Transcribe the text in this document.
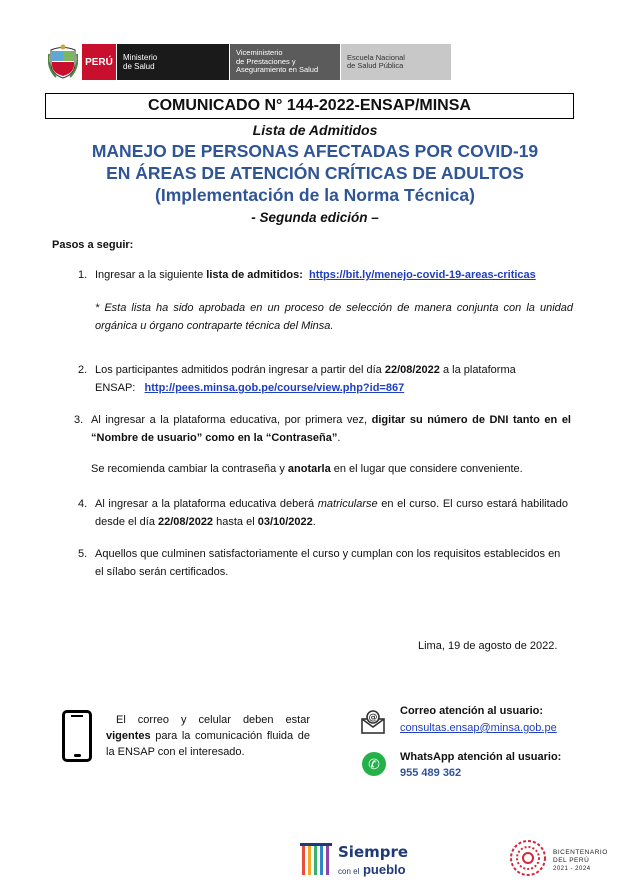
PERÚ	Ministerio
de Salud
Viceministerio
de Prestaciones y
Aseguramiento en Salud
Escuela Nacional
de Salud Pública
COMUNICADO N° 144-2022-ENSAP/MINSA
Lista de Admitidos
MANEJO DE PERSONAS AFECTADAS POR COVID-19
EN ÁREAS DE ATENCIÓN CRÍTICAS DE ADULTOS
(Implementación de la Norma Técnica)
- Segunda edición –
Pasos a seguir:
1. Ingresar a la siguiente lista de admitidos: https://bit.ly/menejo-covid-19-areas-criticas
* Esta lista ha sido aprobada en un proceso de selección de manera conjunta con la unidad orgánica u órgano contraparte técnica del Minsa.
2. Los participantes admitidos podrán ingresar a partir del día 22/08/2022 a la plataforma
ENSAP: http://pees.minsa.gob.pe/course/view.php?id=867
3. Al ingresar a la plataforma educativa, por primera vez, digitar su número de DNI tanto en el “Nombre de usuario” como en la “Contraseña”.
Se recomienda cambiar la contraseña y anotarla en el lugar que considere conveniente.
4. Al ingresar a la plataforma educativa deberá matricularse en el curso. El curso estará habilitado desde el día 22/08/2022 hasta el 03/10/2022.
5. Aquellos que culminen satisfactoriamente el curso y cumplan con los requisitos establecidos en el sílabo serán certificados.
Lima, 19 de agosto de 2022.
El correo y celular deben estar vigentes para la comunicación fluida de la ENSAP con el interesado.
@
Correo atención al usuario:
consultas.ensap@minsa.gob.pe
✆	WhatsApp atención al usuario:
955 489 362
Siempre
con el pueblo
BICENTENARIO
DEL PERÚ
2021 - 2024
